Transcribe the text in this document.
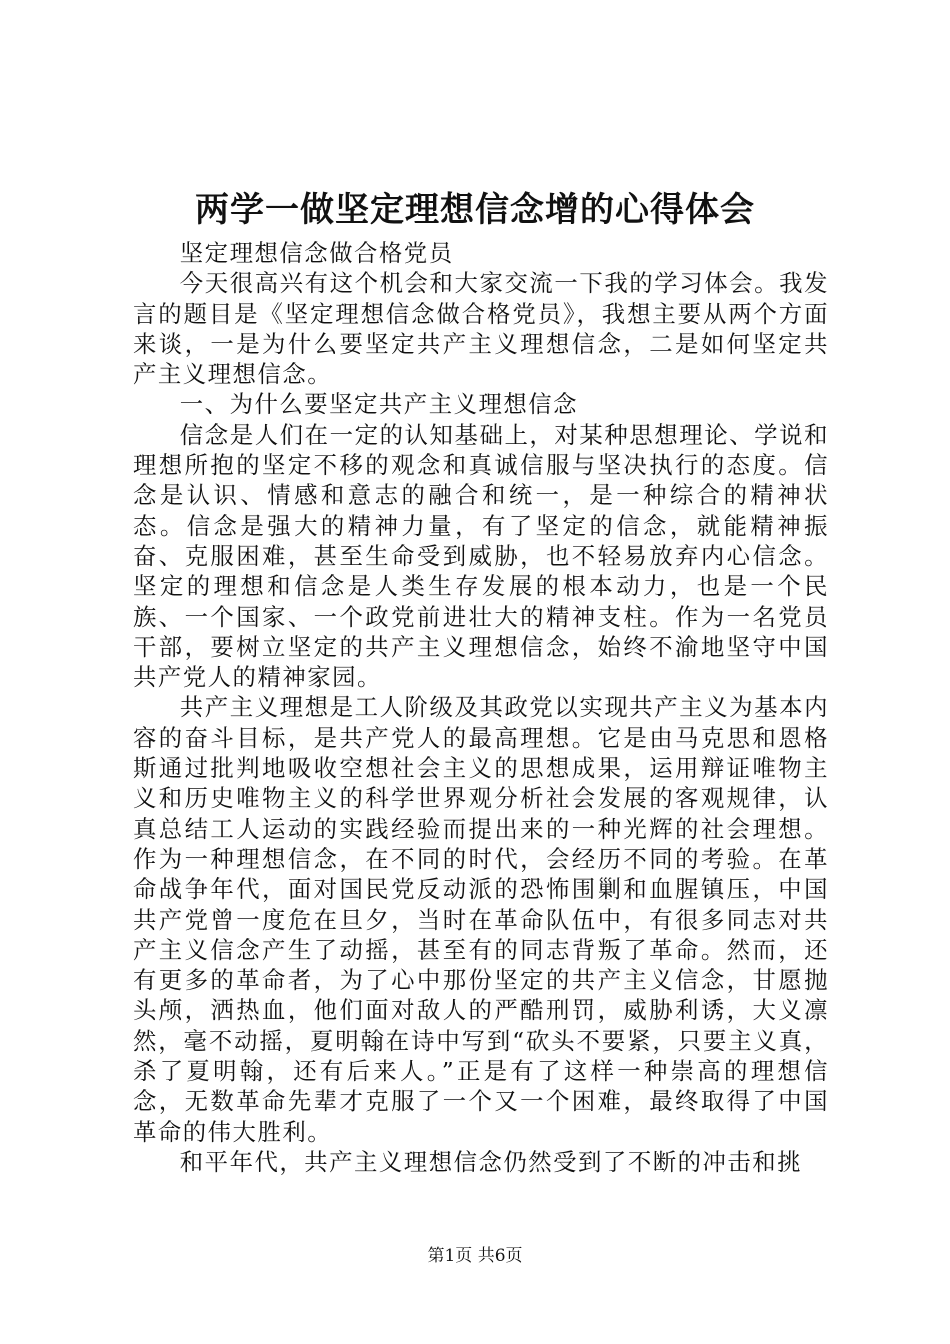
两学一做坚定理想信念增的心得体会

坚定理想信念做合格党员

今天很高兴有这个机会和大家交流一下我的学习体会。我发言的题目是《坚定理想信念做合格党员》，我想主要从两个方面来谈，一是为什么要坚定共产主义理想信念，二是如何坚定共产主义理想信念。

一、为什么要坚定共产主义理想信念

信念是人们在一定的认知基础上，对某种思想理论、学说和理想所抱的坚定不移的观念和真诚信服与坚决执行的态度。信念是认识、情感和意志的融合和统一，是一种综合的精神状态。信念是强大的精神力量，有了坚定的信念，就能精神振奋、克服困难，甚至生命受到威胁，也不轻易放弃内心信念。坚定的理想和信念是人类生存发展的根本动力，也是一个民族、一个国家、一个政党前进壮大的精神支柱。作为一名党员干部，要树立坚定的共产主义理想信念，始终不渝地坚守中国共产党人的精神家园。

共产主义理想是工人阶级及其政党以实现共产主义为基本内容的奋斗目标，是共产党人的最高理想。它是由马克思和恩格斯通过批判地吸收空想社会主义的思想成果，运用辩证唯物主义和历史唯物主义的科学世界观分析社会发展的客观规律，认真总结工人运动的实践经验而提出来的一种光辉的社会理想。作为一种理想信念，在不同的时代，会经历不同的考验。在革命战争年代，面对国民党反动派的恐怖围剿和血腥镇压，中国共产党曾一度危在旦夕，当时在革命队伍中，有很多同志对共产主义信念产生了动摇，甚至有的同志背叛了革命。然而，还有更多的革命者，为了心中那份坚定的共产主义信念，甘愿抛头颅，洒热血，他们面对敌人的严酷刑罚，威胁利诱，大义凛然，毫不动摇，夏明翰在诗中写到“砍头不要紧，只要主义真，杀了夏明翰，还有后来人。”正是有了这样一种崇高的理想信念，无数革命先辈才克服了一个又一个困难，最终取得了中国革命的伟大胜利。

和平年代，共产主义理想信念仍然受到了不断的冲击和挑

第1页 共6页
